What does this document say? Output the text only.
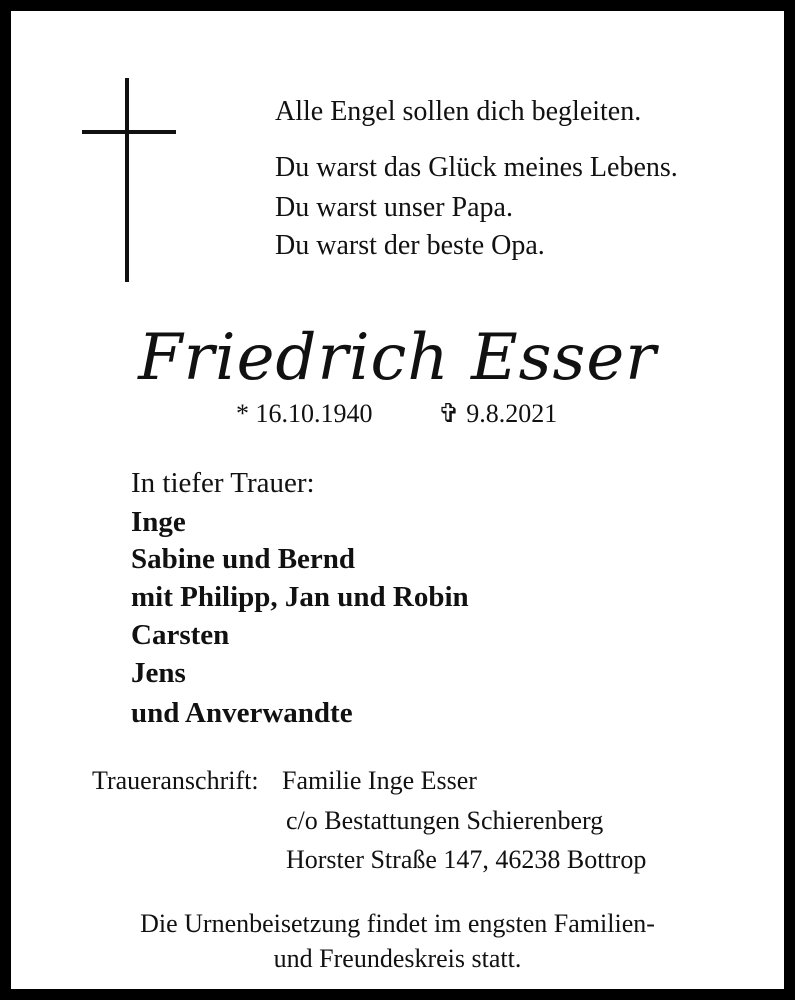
Alle Engel sollen dich begleiten.
Du warst das Glück meines Lebens.
Du warst unser Papa.
Du warst der beste Opa.
Friedrich Esser
* 16.10.1940	✞ 9.8.2021
In tiefer Trauer:
Inge
Sabine und Bernd
mit Philipp, Jan und Robin
Carsten
Jens
und Anverwandte
Traueranschrift: Familie Inge Esser
c/o Bestattungen Schierenberg
Horster Straße 147, 46238 Bottrop
Die Urnenbeisetzung findet im engsten Familien-
und Freundeskreis statt.
